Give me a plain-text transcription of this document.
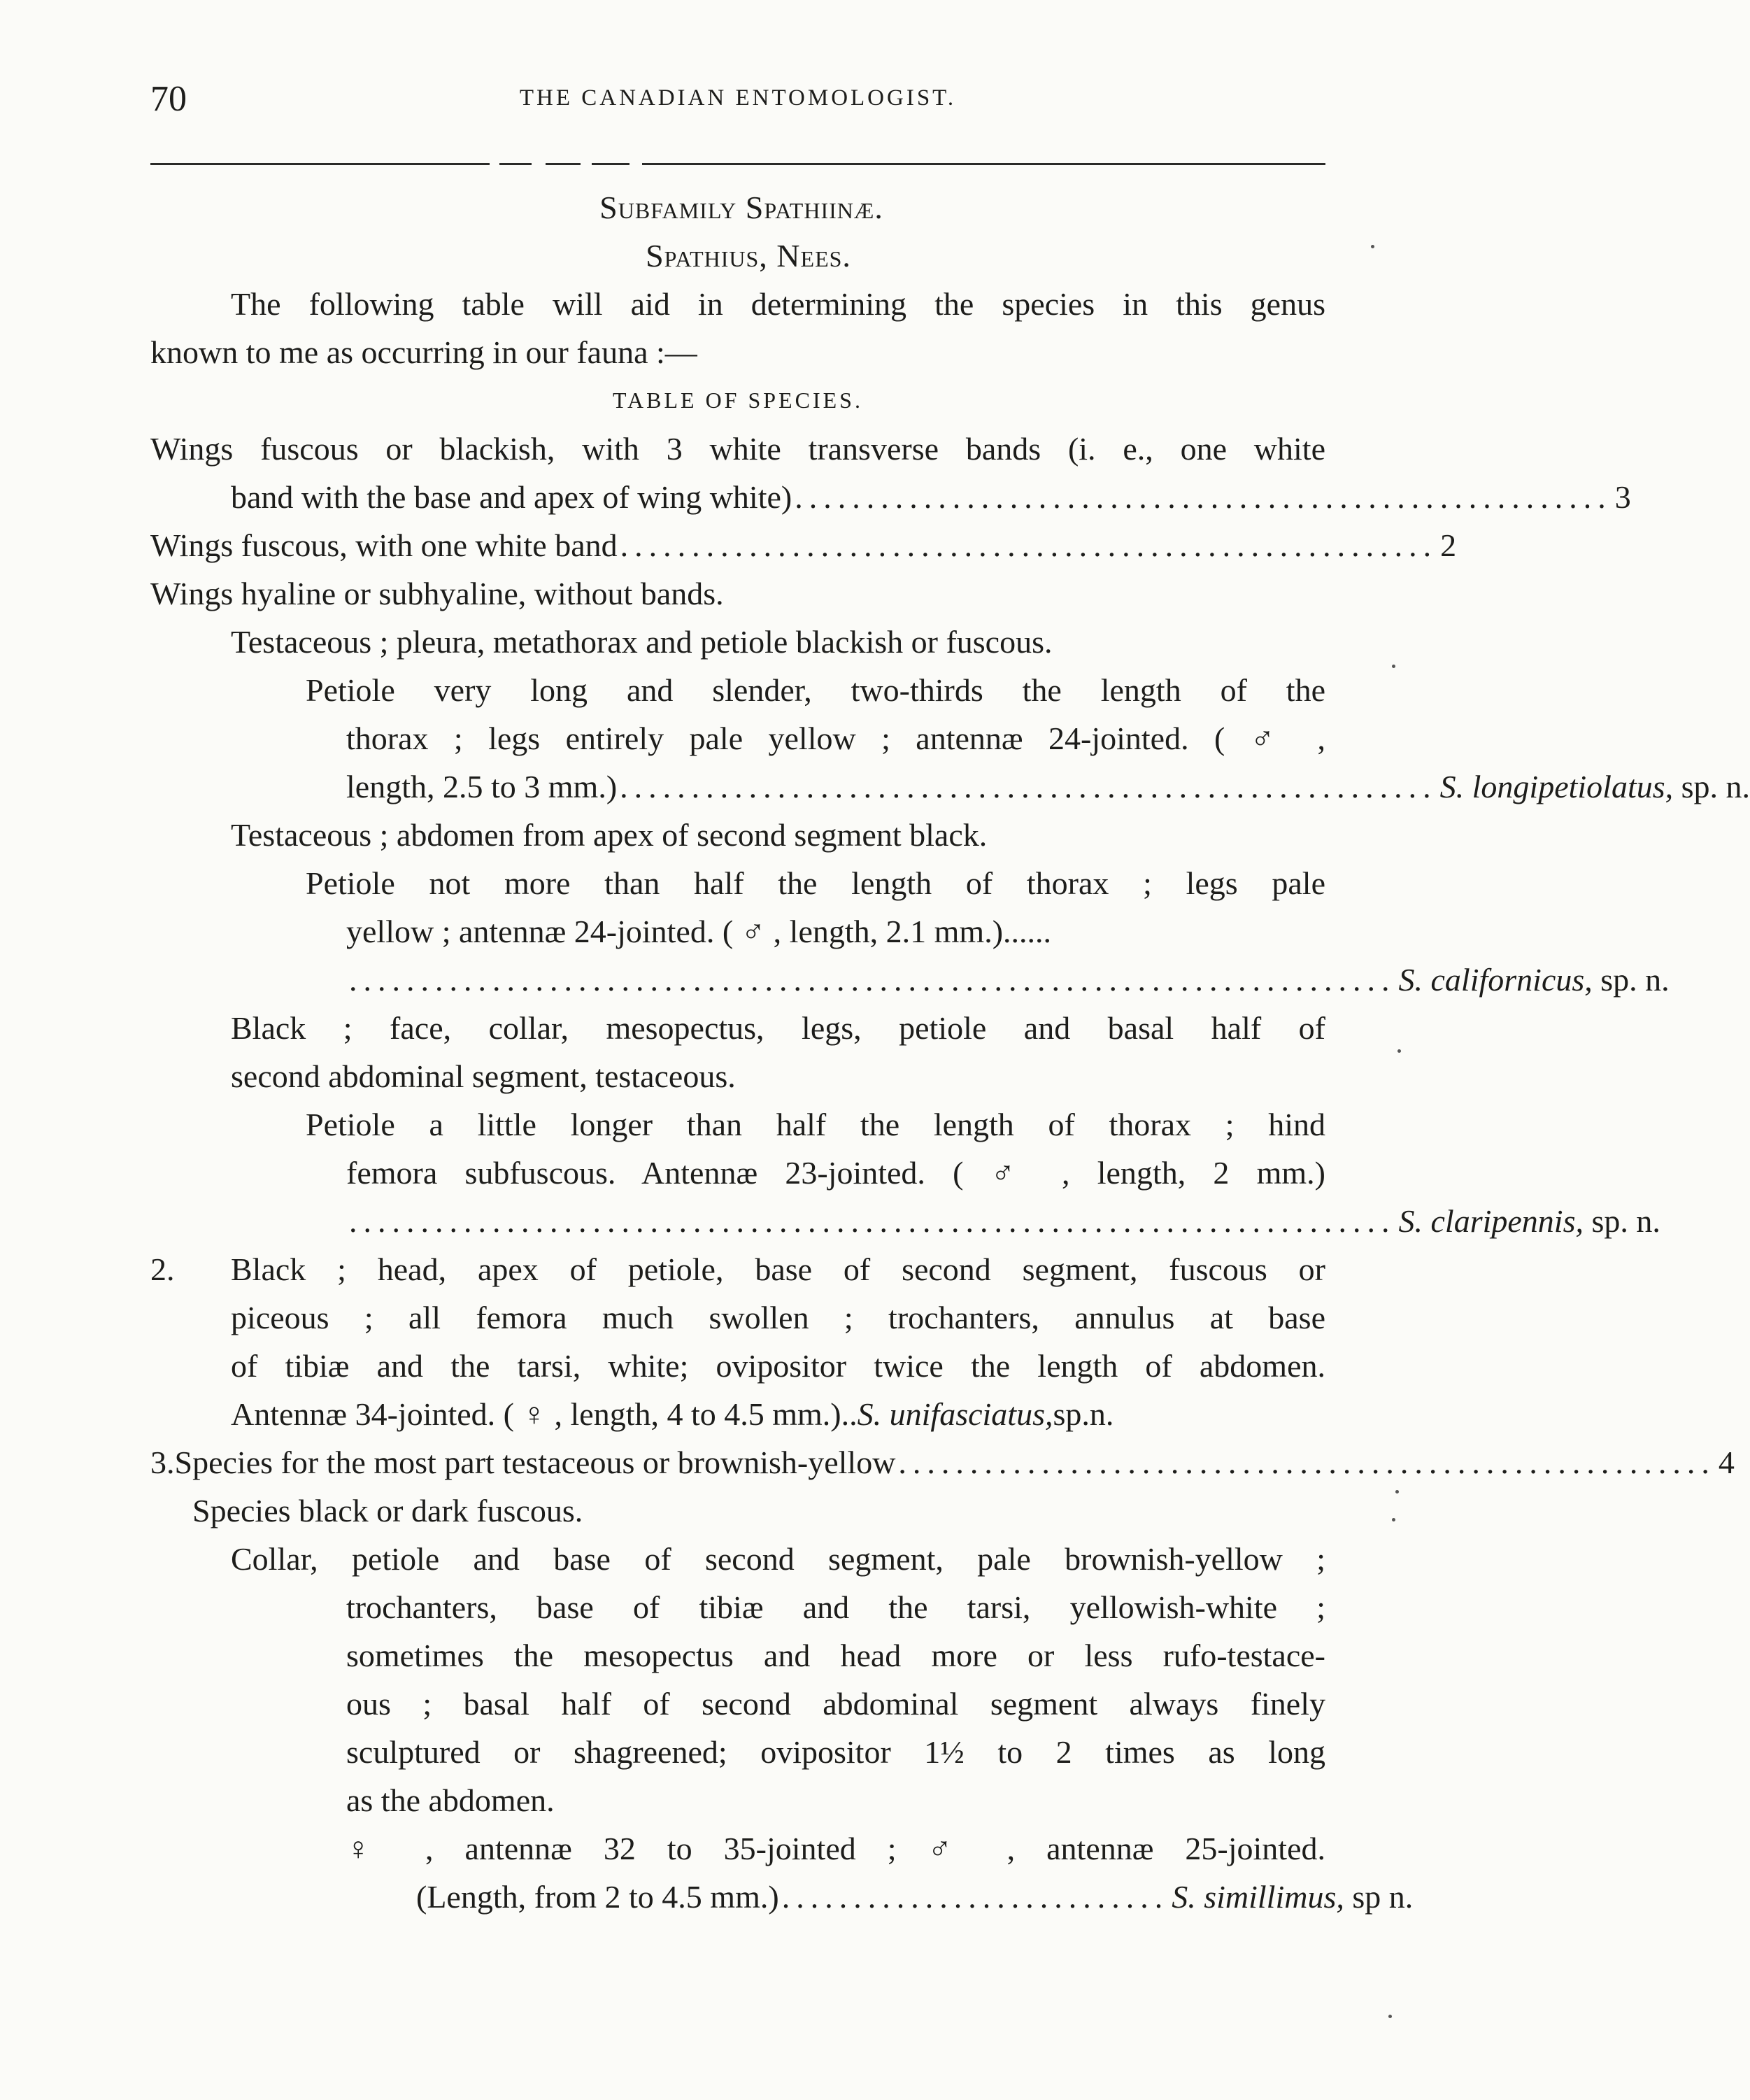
70	THE CANADIAN ENTOMOLOGIST.
Subfamily Spathiinæ.
Spathius, Nees.
The following table will aid in determining the species in this genus
known to me as occurring in our fauna :—
TABLE OF SPECIES.
Wings fuscous or blackish, with 3 white transverse bands (i. e., one white
band with the base and apex of wing white) ......................................................... 3
Wings fuscous, with one white band ......................................................... 2
Wings hyaline or subhyaline, without bands.
Testaceous ; pleura, metathorax and petiole blackish or fuscous.
Petiole very long and slender, two-thirds the length of the
thorax ; legs entirely pale yellow ; antennæ 24-jointed. ( ♂ ,
length, 2.5 to 3 mm.) ......................................................... S. longipetiolatus,
sp. n.
Testaceous ; abdomen from apex of second segment black.
Petiole not more than half the length of thorax ; legs pale
yellow ; antennæ 24-jointed. ( ♂ , length, 2.1 mm.)......
......................................................................... S. californicus,
sp. n.
Black ; face, collar, mesopectus, legs, petiole and basal half of
second abdominal segment, testaceous.
Petiole a little longer than half the length of thorax ; hind
femora subfuscous. Antennæ 23-jointed. ( ♂ , length, 2 mm.)
......................................................................... S. claripennis,
sp. n.
2.	Black ; head, apex of petiole, base of second segment, fuscous or
piceous ; all femora much swollen ; trochanters, annulus at base
of tibiæ and the tarsi, white; ovipositor twice the length of abdomen.
Antennæ 34-jointed. ( ♀ , length, 4 to 4.5 mm.)..S. unifasciatus,sp.n.
3. Species for the most part testaceous or brownish-yellow ......................................................... 4
Species black or dark fuscous.
Collar, petiole and base of second segment, pale brownish-yellow ;
trochanters, base of tibiæ and the tarsi, yellowish-white ;
sometimes the mesopectus and head more or less rufo-testace-
ous ; basal half of second abdominal segment always finely
sculptured or shagreened; ovipositor 1½ to 2 times as long
as the abdomen.
♀ , antennæ 32 to 35-jointed ; ♂ , antennæ 25-jointed.
(Length, from 2 to 4.5 mm.) ........................... S. simillimus,
sp n.
